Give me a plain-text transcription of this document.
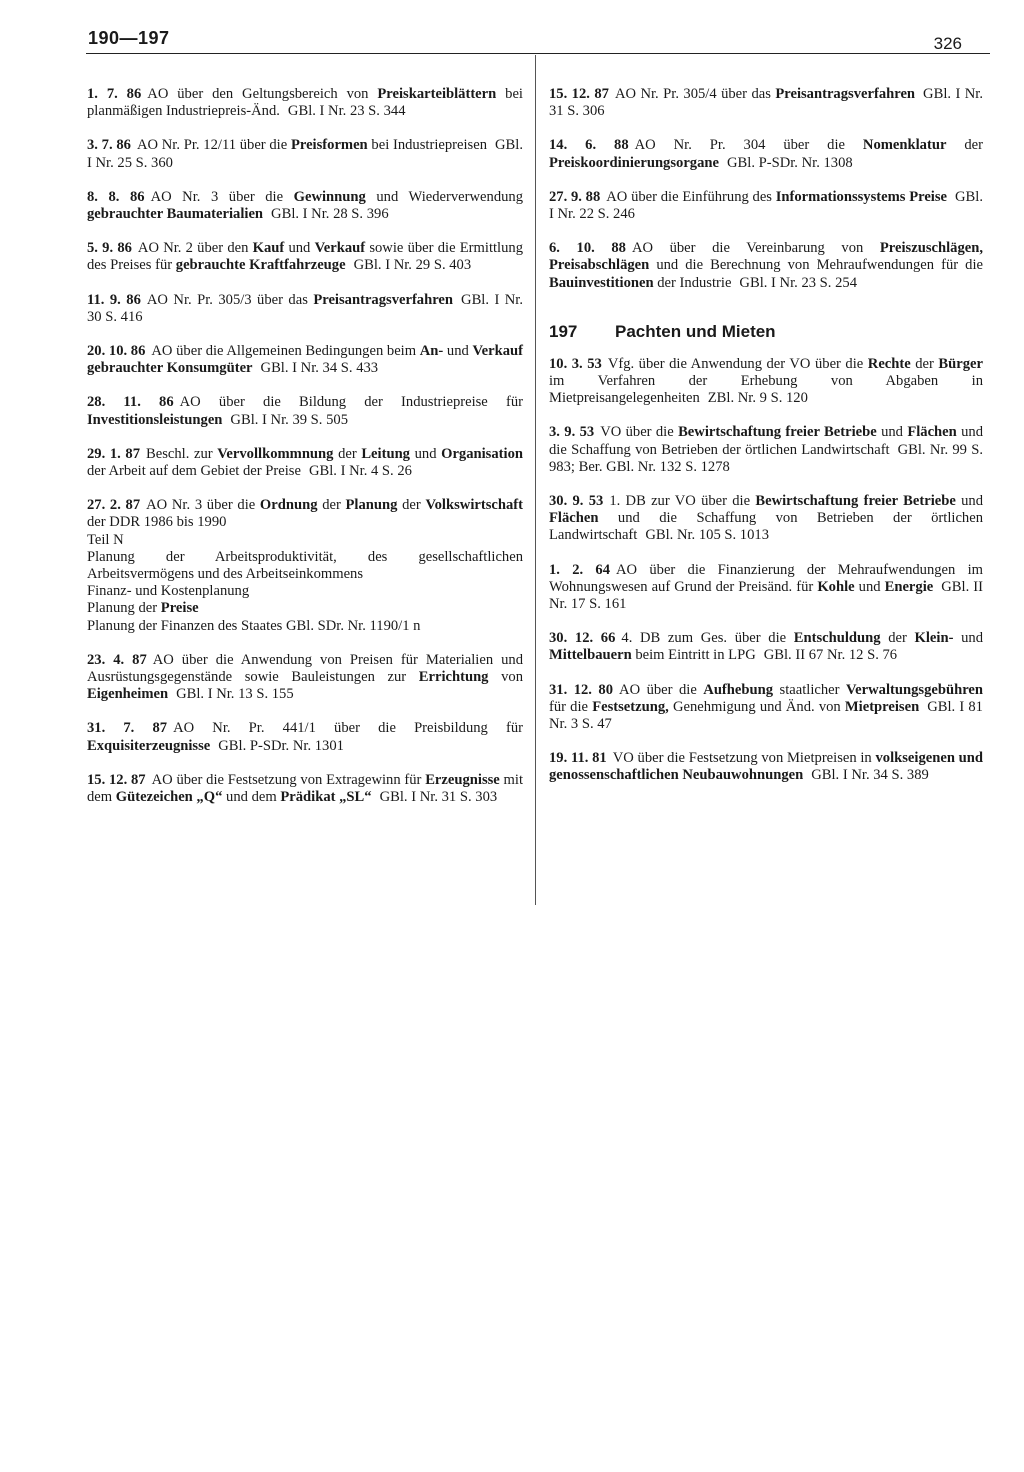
190—197	326

1. 7. 86 AO über den Geltungsbereich von Preiskarteiblättern bei planmäßigen Industriepreis-Änd. GBl. I Nr. 23 S. 344

3. 7. 86 AO Nr. Pr. 12/11 über die Preisformen bei Industriepreisen GBl. I Nr. 25 S. 360

8. 8. 86 AO Nr. 3 über die Gewinnung und Wiederverwendung gebrauchter Baumaterialien GBl. I Nr. 28 S. 396

5. 9. 86 AO Nr. 2 über den Kauf und Verkauf sowie über die Ermittlung des Preises für gebrauchte Kraftfahrzeuge GBl. I Nr. 29 S. 403

11. 9. 86 AO Nr. Pr. 305/3 über das Preisantragsverfahren GBl. I Nr. 30 S. 416

20. 10. 86 AO über die Allgemeinen Bedingungen beim An- und Verkauf gebrauchter Konsumgüter GBl. I Nr. 34 S. 433

28. 11. 86 AO über die Bildung der Industriepreise für Investitionsleistungen GBl. I Nr. 39 S. 505

29. 1. 87 Beschl. zur Vervollkommnung der Leitung und Organisation der Arbeit auf dem Gebiet der Preise GBl. I Nr. 4 S. 26

27. 2. 87 AO Nr. 3 über die Ordnung der Planung der Volkswirtschaft der DDR 1986 bis 1990
Teil N
Planung der Arbeitsproduktivität, des gesellschaftlichen Arbeitsvermögens und des Arbeitseinkommens
Finanz- und Kostenplanung
Planung der Preise
Planung der Finanzen des Staates GBl. SDr. Nr. 1190/1 n

23. 4. 87 AO über die Anwendung von Preisen für Materialien und Ausrüstungsgegenstände sowie Bauleistungen zur Errichtung von Eigenheimen GBl. I Nr. 13 S. 155

31. 7. 87 AO Nr. Pr. 441/1 über die Preisbildung für Exquisiterzeugnisse GBl. P-SDr. Nr. 1301

15. 12. 87 AO über die Festsetzung von Extragewinn für Erzeugnisse mit dem Gütezeichen „Q“ und dem Prädikat „SL“ GBl. I Nr. 31 S. 303

15. 12. 87 AO Nr. Pr. 305/4 über das Preisantragsverfahren GBl. I Nr. 31 S. 306

14. 6. 88 AO Nr. Pr. 304 über die Nomenklatur der Preiskoordinierungsorgane GBl. P-SDr. Nr. 1308

27. 9. 88 AO über die Einführung des Informationssystems Preise GBl. I Nr. 22 S. 246

6. 10. 88 AO über die Vereinbarung von Preiszuschlägen, Preisabschlägen und die Berechnung von Mehraufwendungen für die Bauinvestitionen der Industrie GBl. I Nr. 23 S. 254

197 Pachten und Mieten

10. 3. 53 Vfg. über die Anwendung der VO über die Rechte der Bürger im Verfahren der Erhebung von Abgaben in Mietpreisangelegenheiten ZBl. Nr. 9 S. 120

3. 9. 53 VO über die Bewirtschaftung freier Betriebe und Flächen und die Schaffung von Betrieben der örtlichen Landwirtschaft GBl. Nr. 99 S. 983; Ber. GBl. Nr. 132 S. 1278

30. 9. 53 1. DB zur VO über die Bewirtschaftung freier Betriebe und Flächen und die Schaffung von Betrieben der örtlichen Landwirtschaft GBl. Nr. 105 S. 1013

1. 2. 64 AO über die Finanzierung der Mehraufwendungen im Wohnungswesen auf Grund der Preisänd. für Kohle und Energie GBl. II Nr. 17 S. 161

30. 12. 66 4. DB zum Ges. über die Entschuldung der Klein- und Mittelbauern beim Eintritt in LPG GBl. II 67 Nr. 12 S. 76

31. 12. 80 AO über die Aufhebung staatlicher Verwaltungsgebühren für die Festsetzung, Genehmigung und Änd. von Mietpreisen GBl. I 81 Nr. 3 S. 47

19. 11. 81 VO über die Festsetzung von Mietpreisen in volkseigenen und genossenschaftlichen Neubauwohnungen GBl. I Nr. 34 S. 389
